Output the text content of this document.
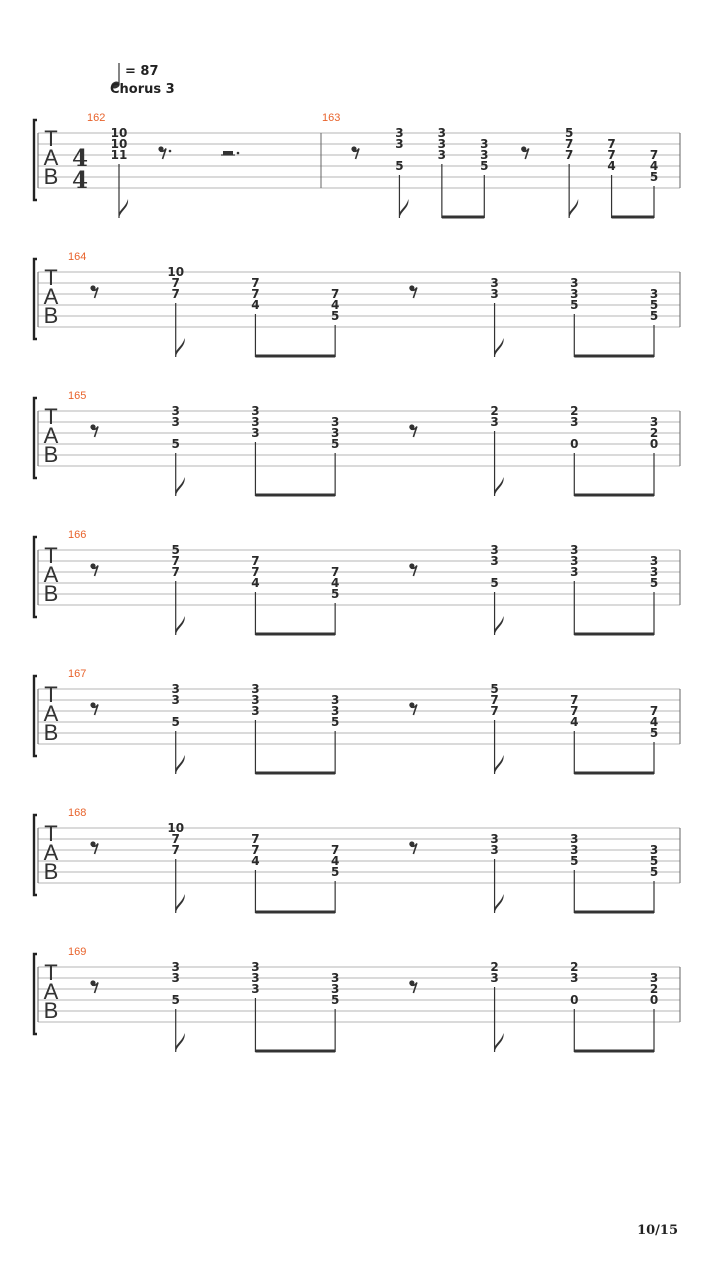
= 87
Chorus 3
T
A
B
4
4
162
10
10
11
163
3
3
5
3
3
3
3
3
5
5
7
7
7
7
4
7
4
5
T
A
B
164
10
7
7
7
7
4
7
4
5
3
3
3
3
5
3
5
5
T
A
B
165
3
3
5
3
3
3
3
3
5
2
3
2
3
0
3
2
0
T
A
B
166
5
7
7
7
7
4
7
4
5
3
3
5
3
3
3
3
3
5
T
A
B
167
3
3
5
3
3
3
3
3
5
5
7
7
7
7
4
7
4
5
T
A
B
168
10
7
7
7
7
4
7
4
5
3
3
3
3
5
3
5
5
T
A
B
169
3
3
5
3
3
3
3
3
5
2
3
2
3
0
3
2
0
10/15
